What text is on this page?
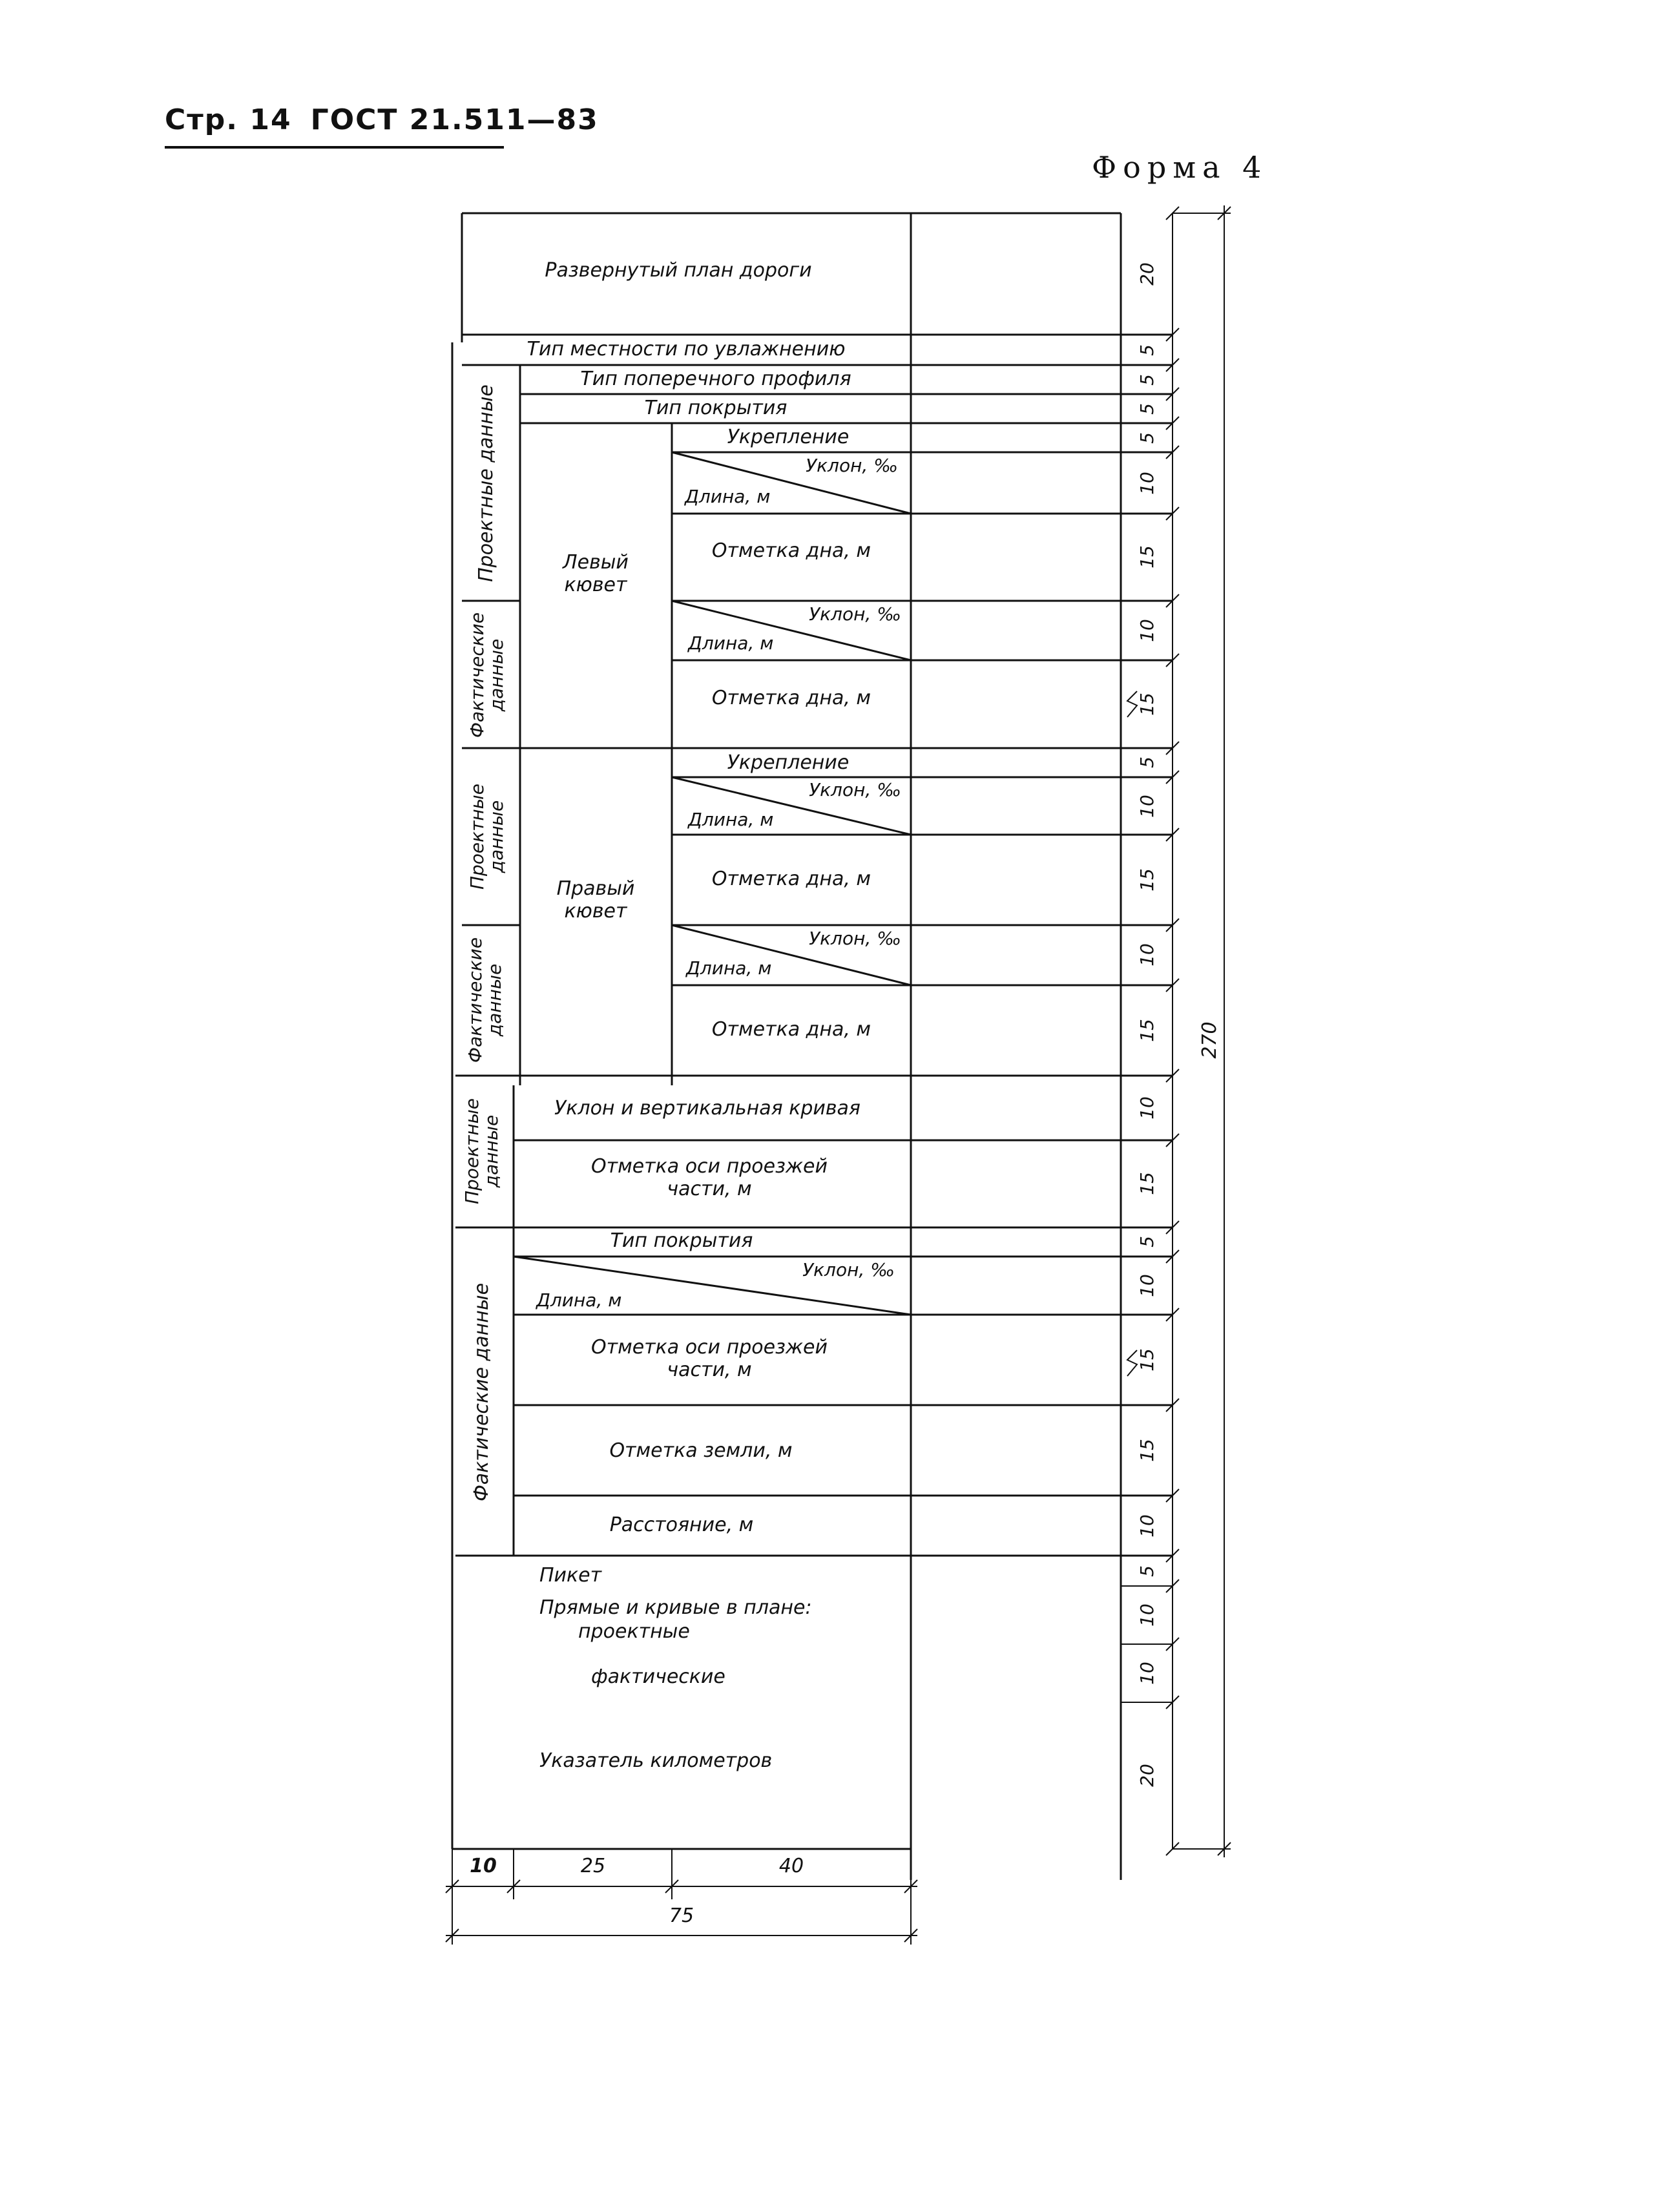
Стр. 14 ГОСТ 21.511—83
Форма 4
Развернутый план дороги
Тип местности по увлажнению
Тип поперечного профиля
Тип покрытия
Укрепление
Уклон, ‰
Длина, м
Отметка дна, м
Уклон, ‰
Длина, м
Отметка дна, м
Левый
кювет
Укрепление
Уклон, ‰
Длина, м
Отметка дна, м
Уклон, ‰
Длина, м
Отметка дна, м
Правый
кювет
Уклон и вертикальная кривая
Отметка оси проезжей
части, м
Тип покрытия
Уклон, ‰
Длина, м
Отметка оси проезжей
части, м
Отметка земли, м
Расстояние, м
Пикет
Прямые и кривые в плане:
проектные
фактические
Указатель километров
Проектные данные
Фактические
данные
Проектные
данные
Фактические
данные
Проектные
данные
Фактические данные
20
5
5
5
5
10
15
10
15
5
10
15
10
15
10
15
5
10
15
15
10
5
10
10
20
270
10	25	40
75
